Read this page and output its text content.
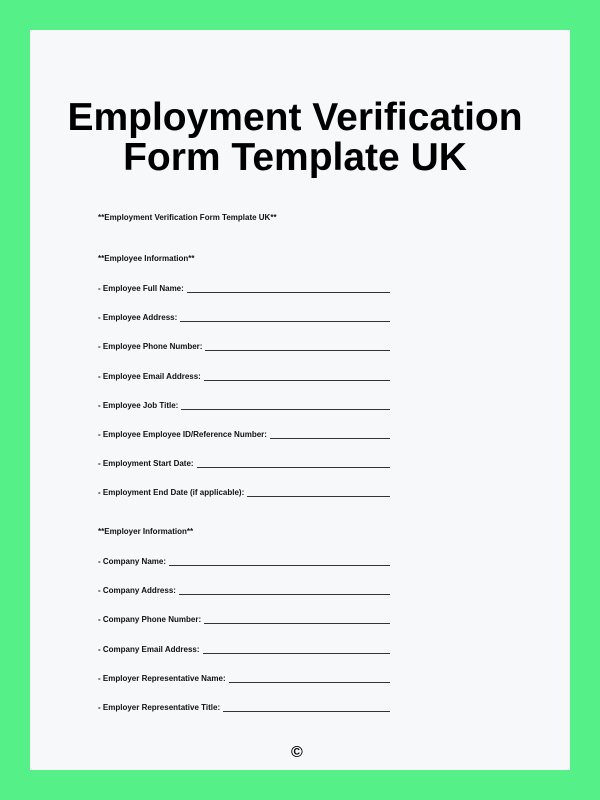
Employment Verification
Form Template UK
**Employment Verification Form Template UK**
**Employee Information**
- Employee Full Name:
- Employee Address:
- Employee Phone Number:
- Employee Email Address:
- Employee Job Title:
- Employee Employee ID/Reference Number:
- Employment Start Date:
- Employment End Date (if applicable):
**Employer Information**
- Company Name:
- Company Address:
- Company Phone Number:
- Company Email Address:
- Employer Representative Name:
- Employer Representative Title:
©
